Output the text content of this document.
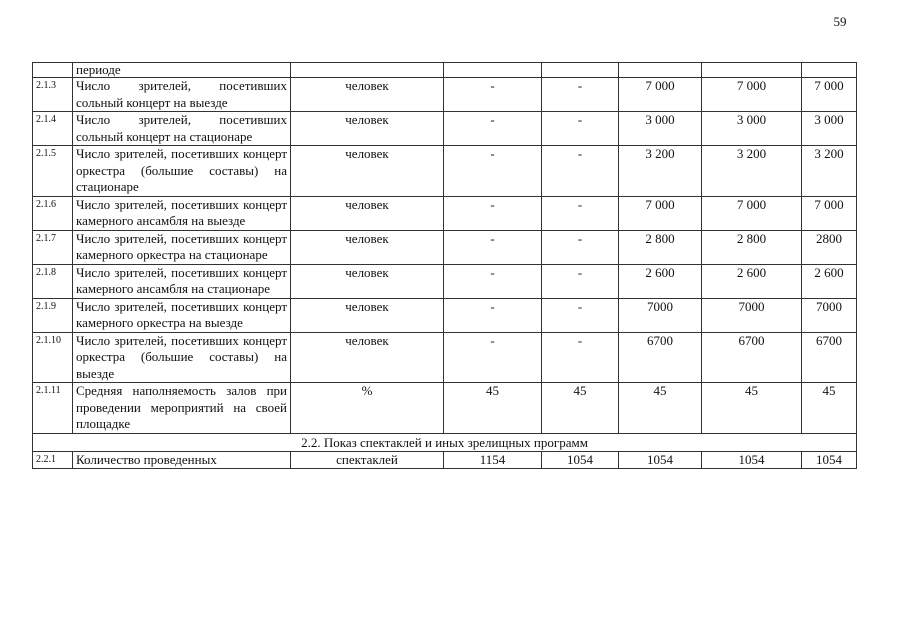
59
	периоде						
2.1.3	Число зрителей, посетивших сольный концерт на выезде	человек	-	-	7 000	7 000	7 000
2.1.4	Число зрителей, посетивших сольный концерт на стационаре	человек	-	-	3 000	3 000	3 000
2.1.5	Число зрителей, посетивших концерт оркестра (большие составы) на стационаре	человек	-	-	3 200	3 200	3 200
2.1.6	Число зрителей, посетивших концерт камерного ансамбля на выезде	человек	-	-	7 000	7 000	7 000
2.1.7	Число зрителей, посетивших концерт камерного оркестра на стационаре	человек	-	-	2 800	2 800	2800
2.1.8	Число зрителей, посетивших концерт камерного ансамбля на стационаре	человек	-	-	2 600	2 600	2 600
2.1.9	Число зрителей, посетивших концерт камерного оркестра на выезде	человек	-	-	7000	7000	7000
2.1.10	Число зрителей, посетивших концерт оркестра (большие составы) на выезде	человек	-	-	6700	6700	6700
2.1.11	Средняя наполняемость залов при проведении мероприятий на своей площадке	%	45	45	45	45	45
2.2. Показ спектаклей и иных зрелищных программ							
2.2.1	Количество проведенных	спектаклей	1154	1054	1054	1054	1054
